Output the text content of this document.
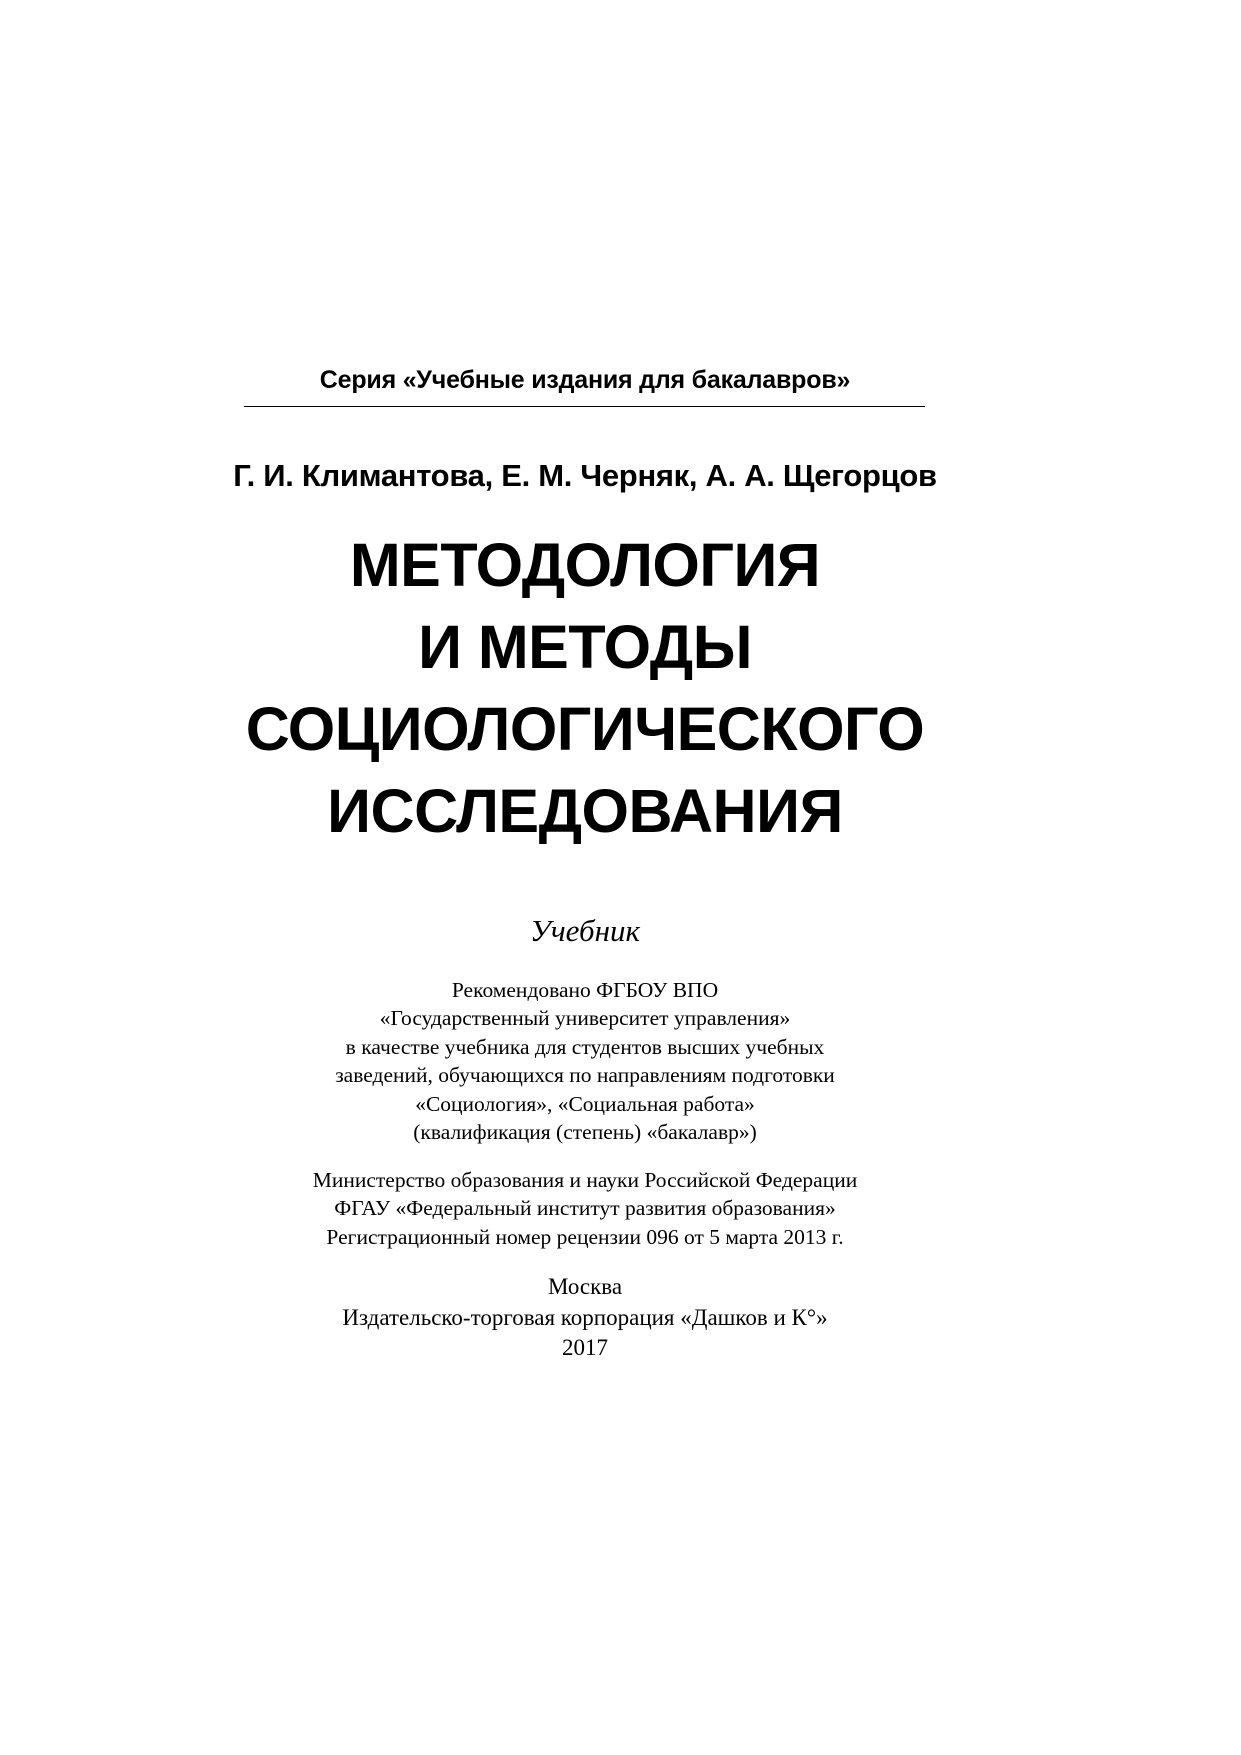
Серия «Учебные издания для бакалавров»
Г. И. Климантова, Е. М. Черняк, А. А. Щегорцов
МЕТОДОЛОГИЯ
И МЕТОДЫ
СОЦИОЛОГИЧЕСКОГО
ИССЛЕДОВАНИЯ
Учебник
Рекомендовано ФГБОУ ВПО
«Государственный университет управления»
в качестве учебника для студентов высших учебных
заведений, обучающихся по направлениям подготовки
«Социология», «Социальная работа»
(квалификация (степень) «бакалавр»)
Министерство образования и науки Российской Федерации
ФГАУ «Федеральный институт развития образования»
Регистрационный номер рецензии 096 от 5 марта 2013 г.
Москва
Издательско-торговая корпорация «Дашков и К°»
2017
